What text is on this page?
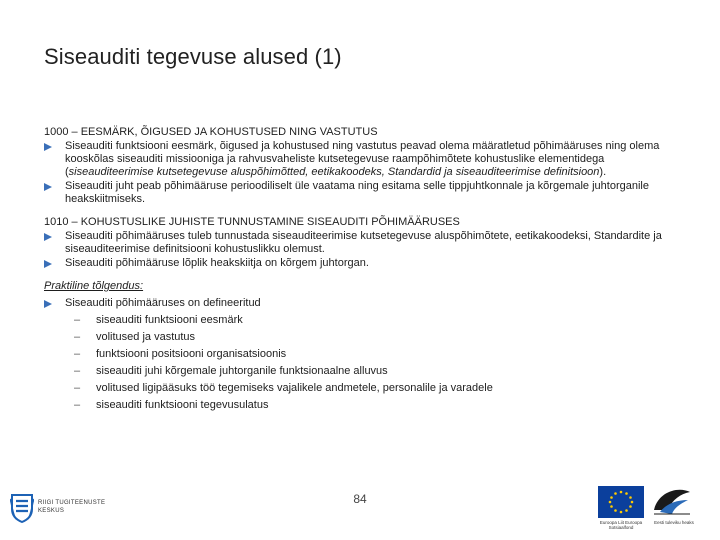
Siseauditi tegevuse alused (1)

1000 – EESMÄRK, ÕIGUSED JA KOHUSTUSED NING VASTUTUS

Siseauditi funktsiooni eesmärk, õigused ja kohustused ning vastutus peavad olema määratletud põhimääruses ning olema kooskõlas siseauditi missiooniga ja rahvusvaheliste kutsetegevuse raampõhimõtete kohustuslike elementidega (siseauditeerimise kutsetegevuse aluspõhimõtted, eetikakoodeks, Standardid ja siseauditeerimise definitsioon).
Siseauditi juht peab põhimääruse perioodiliselt üle vaatama ning esitama selle tippjuhtkonnale ja kõrgemale juhtorganile heakskiitmiseks.

1010 – KOHUSTUSLIKE JUHISTE TUNNUSTAMINE SISEAUDITI PÕHIMÄÄRUSES

Siseauditi põhimääruses tuleb tunnustada siseauditeerimise kutsetegevuse aluspõhimõtete, eetikakoodeksi, Standardite ja siseauditeerimise definitsiooni kohustuslikku olemust.
Siseauditi põhimääruse lõplik heakskiitja on kõrgem juhtorgan.

Praktiline tõlgendus:

Siseauditi põhimääruses on defineeritud
– siseauditi funktsiooni eesmärk
– volitused ja vastutus
– funktsiooni positsiooni organisatsioonis
– siseauditi juhi kõrgemale juhtorganile funktsionaalne alluvus
– volitused ligipääsuks töö tegemiseks vajalikele andmetele, personalile ja varadele
– siseauditi funktsiooni tegevusulatus
RIIGI TUGITEENUSTE
KESKUS
84
Euroopa Liit Euroopa Sotsiaalfond
Eesti tuleviku heaks
